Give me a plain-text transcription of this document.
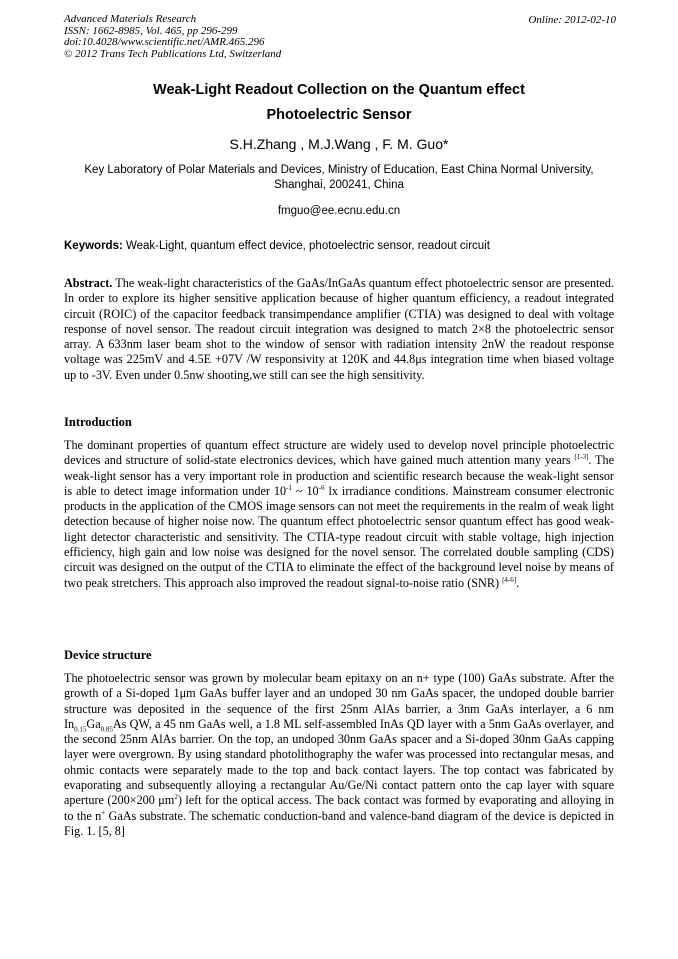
Advanced Materials Research
ISSN: 1662-8985, Vol. 465, pp 296-299
doi:10.4028/www.scientific.net/AMR.465.296
© 2012 Trans Tech Publications Ltd, Switzerland
Online: 2012-02-10
Weak-Light Readout Collection on the Quantum effect
Photoelectric Sensor
S.H.Zhang , M.J.Wang , F. M. Guo*
Key Laboratory of Polar Materials and Devices, Ministry of Education, East China Normal University, Shanghai, 200241, China
fmguo@ee.ecnu.edu.cn
Keywords: Weak-Light, quantum effect device, photoelectric sensor, readout circuit

Abstract. The weak-light characteristics of the GaAs/InGaAs quantum effect photoelectric sensor are presented. In order to explore its higher sensitive application because of higher quantum efficiency, a readout integrated circuit (ROIC) of the capacitor feedback transimpendance amplifier (CTIA) was designed to deal with voltage response of novel sensor. The readout circuit integration was designed to match 2×8 the photoelectric sensor array. A 633nm laser beam shot to the window of sensor with radiation intensity 2nW the readout response voltage was 225mV and 4.5E +07V /W responsivity at 120K and 44.8μs integration time when biased voltage up to -3V. Even under 0.5nw shooting,we still can see the high sensitivity.

Introduction

The dominant properties of quantum effect structure are widely used to develop novel principle photoelectric devices and structure of solid-state electronics devices, which have gained much attention many years [1-3]. The weak-light sensor has a very important role in production and scientific research because the weak-light sensor is able to detect image information under $10^{-1}$ ~ $10^{-6}$ lx irradiance conditions. Mainstream consumer electronic products in the application of the CMOS image sensors can not meet the requirements in the realm of weak light detection because of higher noise now. The quantum effect photoelectric sensor quantum effect has good weak-light detector characteristic and sensitivity. The CTIA-type readout circuit with stable voltage, high injection efficiency, high gain and low noise was designed for the novel sensor. The correlated double sampling (CDS) circuit was designed on the output of the CTIA to eliminate the effect of the background level noise by means of two peak stretchers. This approach also improved the readout signal-to-noise ratio (SNR) [4-6].

Device structure

The photoelectric sensor was grown by molecular beam epitaxy on an n+ type (100) GaAs substrate. After the growth of a Si-doped 1μm GaAs buffer layer and an undoped 30 nm GaAs spacer, the undoped double barrier structure was deposited in the sequence of the first 25nm AlAs barrier, a 3nm GaAs interlayer, a 6 nm $In_{0.15}Ga_{0.85}As$ QW, a 45 nm GaAs well, a 1.8 ML self-assembled InAs QD layer with a 5nm GaAs overlayer, and the second 25nm AlAs barrier. On the top, an undoped 30nm GaAs spacer and a Si-doped 30nm GaAs capping layer were overgrown. By using standard photolithography the wafer was processed into rectangular mesas, and ohmic contacts were separately made to the top and back contact layers. The top contact was fabricated by evaporating and subsequently alloying a rectangular Au/Ge/Ni contact pattern onto the cap layer with square aperture (200×200 $\mu m^2$) left for the optical access. The back contact was formed by evaporating and alloying in to the n+ GaAs substrate. The schematic conduction-band and valence-band diagram of the device is depicted in Fig. 1. [5, 8]
